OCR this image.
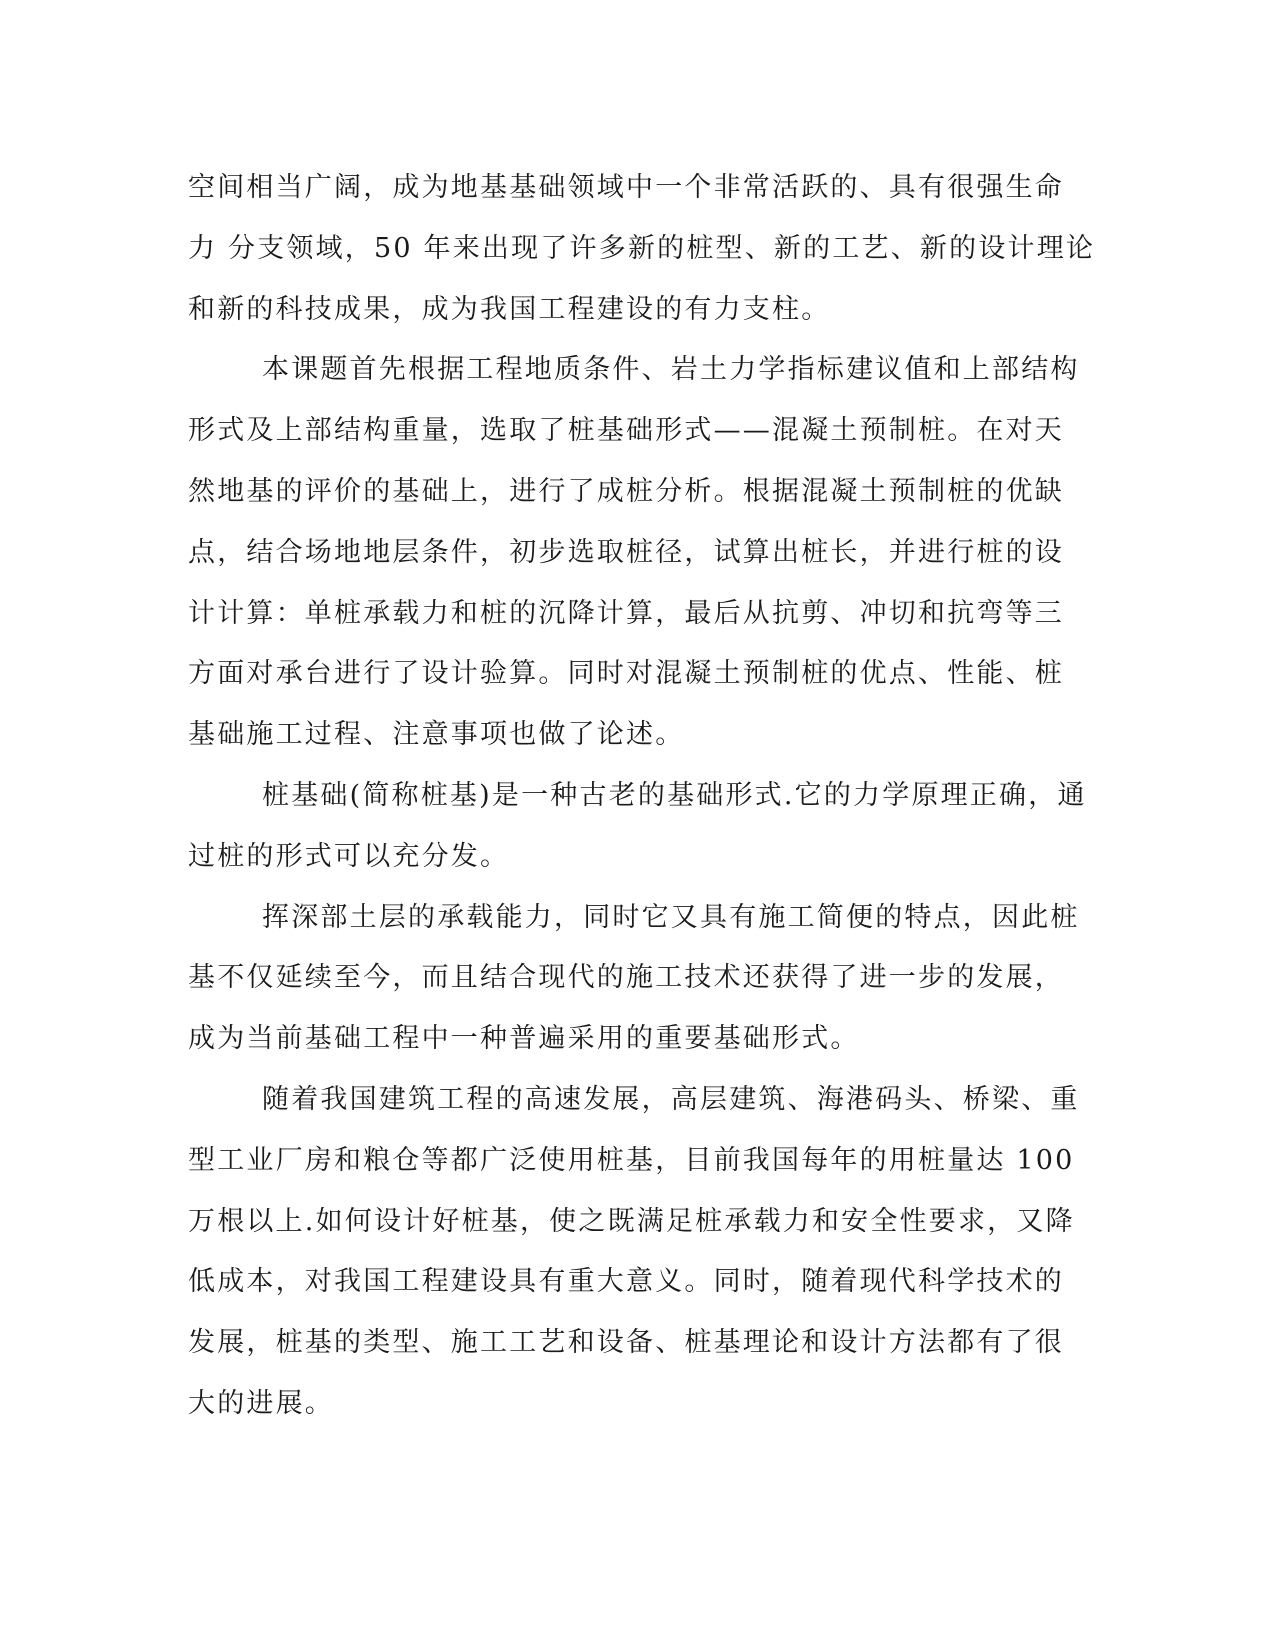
空间相当广阔，成为地基基础领域中一个非常活跃的、具有很强生命
力 分支领域，50 年来出现了许多新的桩型、新的工艺、新的设计理论
和新的科技成果，成为我国工程建设的有力支柱。
本课题首先根据工程地质条件、岩土力学指标建议值和上部结构
形式及上部结构重量，选取了桩基础形式——混凝土预制桩。在对天
然地基的评价的基础上，进行了成桩分析。根据混凝土预制桩的优缺
点，结合场地地层条件，初步选取桩径，试算出桩长，并进行桩的设
计计算：单桩承载力和桩的沉降计算，最后从抗剪、冲切和抗弯等三
方面对承台进行了设计验算。同时对混凝土预制桩的优点、性能、桩
基础施工过程、注意事项也做了论述。
桩基础(简称桩基)是一种古老的基础形式.它的力学原理正确，通
过桩的形式可以充分发。
挥深部土层的承载能力，同时它又具有施工简便的特点，因此桩
基不仅延续至今，而且结合现代的施工技术还获得了进一步的发展，
成为当前基础工程中一种普遍采用的重要基础形式。
随着我国建筑工程的高速发展，高层建筑、海港码头、桥梁、重
型工业厂房和粮仓等都广泛使用桩基，目前我国每年的用桩量达 100
万根以上.如何设计好桩基，使之既满足桩承载力和安全性要求，又降
低成本，对我国工程建设具有重大意义。同时，随着现代科学技术的
发展，桩基的类型、施工工艺和设备、桩基理论和设计方法都有了很
大的进展。
